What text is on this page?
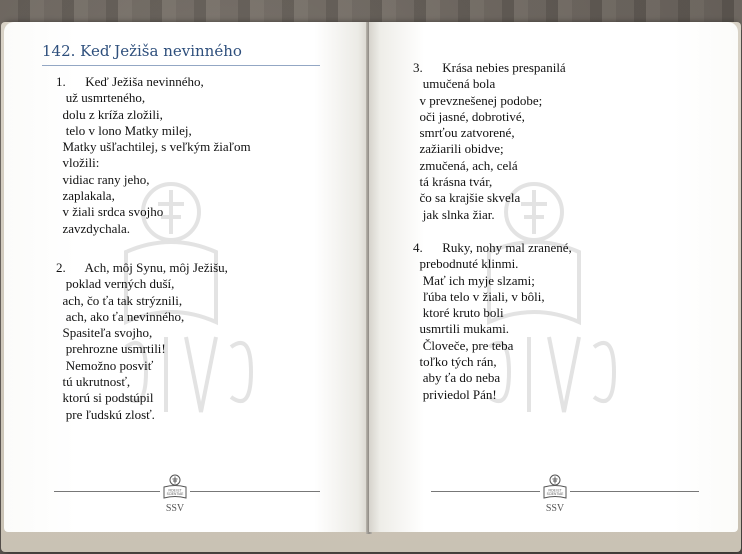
142. Keď Ježiša nevinného
1.      Keď Ježiša nevinného,
už usmrteného,
dolu z kríža zložili,
telo v lono Matky milej,
Matky ušľachtilej, s veľkým žiaľom
vložili:
vidiac rany jeho,
zaplakala,
v žiali srdca svojho
zavzdychala.
2.      Ach, môj Synu, môj Ježišu,
poklad verných duší,
ach, čo ťa tak strýznili,
ach, ako ťa nevinného,
Spasiteľa svojho,
prehrozne usmrtili!
Nemožno posviť
tú ukrutnosť,
ktorú si podstúpil
pre ľudskú zlosť.
FIDEI ET
SCIENTIAE
SSV
3.      Krása nebies prespanilá
umučená bola
v prevznešenej podobe;
oči jasné, dobrotivé,
smrťou zatvorené,
zažiarili obidve;
zmučená, ach, celá
tá krásna tvár,
čo sa krajšie skvela
jak slnka žiar.
4.      Ruky, nohy mal zranené,
prebodnuté klinmi.
Mať ich myje slzami;
ľúba telo v žiali, v bôli,
ktoré kruto boli
usmrtili mukami.
Človeče, pre teba
toľko tých rán,
aby ťa do neba
priviedol Pán!
FIDEI ET
SCIENTIAE
SSV
